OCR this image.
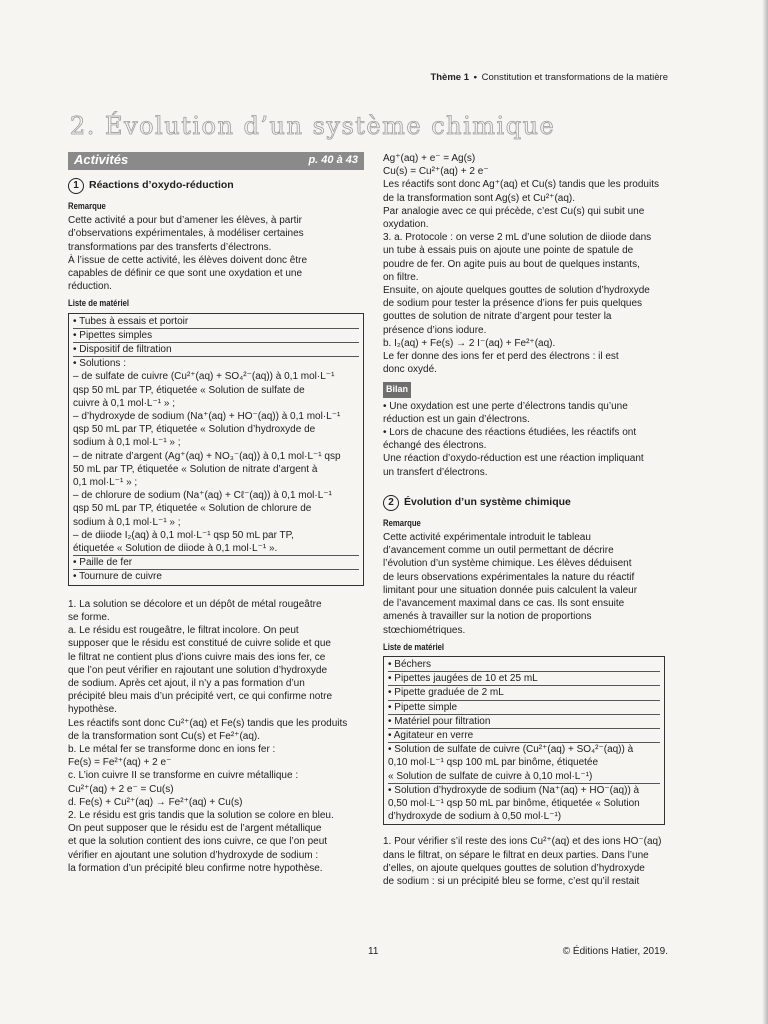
Thème 1 • Constitution et transformations de la matière
2. Évolution d’un système chimique
Activités	p. 40 à 43
1 Réactions d’oxydo-réduction
Remarque

Cette activité a pour but d’amener les élèves, à partir

d’observations expérimentales, à modéliser certaines

transformations par des transferts d’électrons.

À l’issue de cette activité, les élèves doivent donc être

capables de définir ce que sont une oxydation et une

réduction.

Liste de matériel
• Tubes à essais et portoir
• Pipettes simples
• Dispositif de filtration
• Solutions :
– de sulfate de cuivre (Cu²⁺(aq) + SO₄²⁻(aq)) à 0,1 mol·L⁻¹
qsp 50 mL par TP, étiquetée « Solution de sulfate de
cuivre à 0,1 mol·L⁻¹ » ;
– d’hydroxyde de sodium (Na⁺(aq) + HO⁻(aq)) à 0,1 mol·L⁻¹
qsp 50 mL par TP, étiquetée « Solution d’hydroxyde de
sodium à 0,1 mol·L⁻¹ » ;
– de nitrate d’argent (Ag⁺(aq) + NO₃⁻(aq)) à 0,1 mol·L⁻¹ qsp
50 mL par TP, étiquetée « Solution de nitrate d’argent à
0,1 mol·L⁻¹ » ;
– de chlorure de sodium (Na⁺(aq) + Cℓ⁻(aq)) à 0,1 mol·L⁻¹
qsp 50 mL par TP, étiquetée « Solution de chlorure de
sodium à 0,1 mol·L⁻¹ » ;
– de diiode I₂(aq) à 0,1 mol·L⁻¹ qsp 50 mL par TP,
étiquetée « Solution de diiode à 0,1 mol·L⁻¹ ».
• Paille de fer
• Tournure de cuivre

1. La solution se décolore et un dépôt de métal rougeâtre

se forme.

a. Le résidu est rougeâtre, le filtrat incolore. On peut

supposer que le résidu est constitué de cuivre solide et que

le filtrat ne contient plus d’ions cuivre mais des ions fer, ce

que l’on peut vérifier en rajoutant une solution d’hydroxyde

de sodium. Après cet ajout, il n’y a pas formation d’un

précipité bleu mais d’un précipité vert, ce qui confirme notre

hypothèse.

Les réactifs sont donc Cu²⁺(aq) et Fe(s) tandis que les produits

de la transformation sont Cu(s) et Fe²⁺(aq).

b. Le métal fer se transforme donc en ions fer :

Fe(s) = Fe²⁺(aq) + 2 e⁻

c. L’ion cuivre II se transforme en cuivre métallique :

Cu²⁺(aq) + 2 e⁻ = Cu(s)

d. Fe(s) + Cu²⁺(aq) → Fe²⁺(aq) + Cu(s)

2. Le résidu est gris tandis que la solution se colore en bleu.

On peut supposer que le résidu est de l’argent métallique

et que la solution contient des ions cuivre, ce que l’on peut

vérifier en ajoutant une solution d’hydroxyde de sodium :

la formation d’un précipité bleu confirme notre hypothèse.

Ag⁺(aq) + e⁻ = Ag(s)

Cu(s) = Cu²⁺(aq) + 2 e⁻

Les réactifs sont donc Ag⁺(aq) et Cu(s) tandis que les produits

de la transformation sont Ag(s) et Cu²⁺(aq).

Par analogie avec ce qui précède, c’est Cu(s) qui subit une

oxydation.

3. a. Protocole : on verse 2 mL d’une solution de diiode dans

un tube à essais puis on ajoute une pointe de spatule de

poudre de fer. On agite puis au bout de quelques instants,

on filtre.

Ensuite, on ajoute quelques gouttes de solution d’hydroxyde

de sodium pour tester la présence d’ions fer puis quelques

gouttes de solution de nitrate d’argent pour tester la

présence d’ions iodure.

b. I₂(aq) + Fe(s) → 2 I⁻(aq) + Fe²⁺(aq).

Le fer donne des ions fer et perd des électrons : il est

donc oxydé.

Bilan

• Une oxydation est une perte d’électrons tandis qu’une

réduction est un gain d’électrons.

• Lors de chacune des réactions étudiées, les réactifs ont

échangé des électrons.

Une réaction d’oxydo-réduction est une réaction impliquant

un transfert d’électrons.

2 Évolution d’un système chimique
Remarque

Cette activité expérimentale introduit le tableau

d’avancement comme un outil permettant de décrire

l’évolution d’un système chimique. Les élèves déduisent

de leurs observations expérimentales la nature du réactif

limitant pour une situation donnée puis calculent la valeur

de l’avancement maximal dans ce cas. Ils sont ensuite

amenés à travailler sur la notion de proportions

stœchiométriques.

Liste de matériel
• Béchers
• Pipettes jaugées de 10 et 25 mL
• Pipette graduée de 2 mL
• Pipette simple
• Matériel pour filtration
• Agitateur en verre
• Solution de sulfate de cuivre (Cu²⁺(aq) + SO₄²⁻(aq)) à
0,10 mol·L⁻¹ qsp 100 mL par binôme, étiquetée
« Solution de sulfate de cuivre à 0,10 mol·L⁻¹)
• Solution d’hydroxyde de sodium (Na⁺(aq) + HO⁻(aq)) à
0,50 mol·L⁻¹ qsp 50 mL par binôme, étiquetée « Solution
d’hydroxyde de sodium à 0,50 mol·L⁻¹)

1. Pour vérifier s’il reste des ions Cu²⁺(aq) et des ions HO⁻(aq)

dans le filtrat, on sépare le filtrat en deux parties. Dans l’une

d’elles, on ajoute quelques gouttes de solution d’hydroxyde

de sodium : si un précipité bleu se forme, c’est qu’il restait

11	© Éditions Hatier, 2019.
